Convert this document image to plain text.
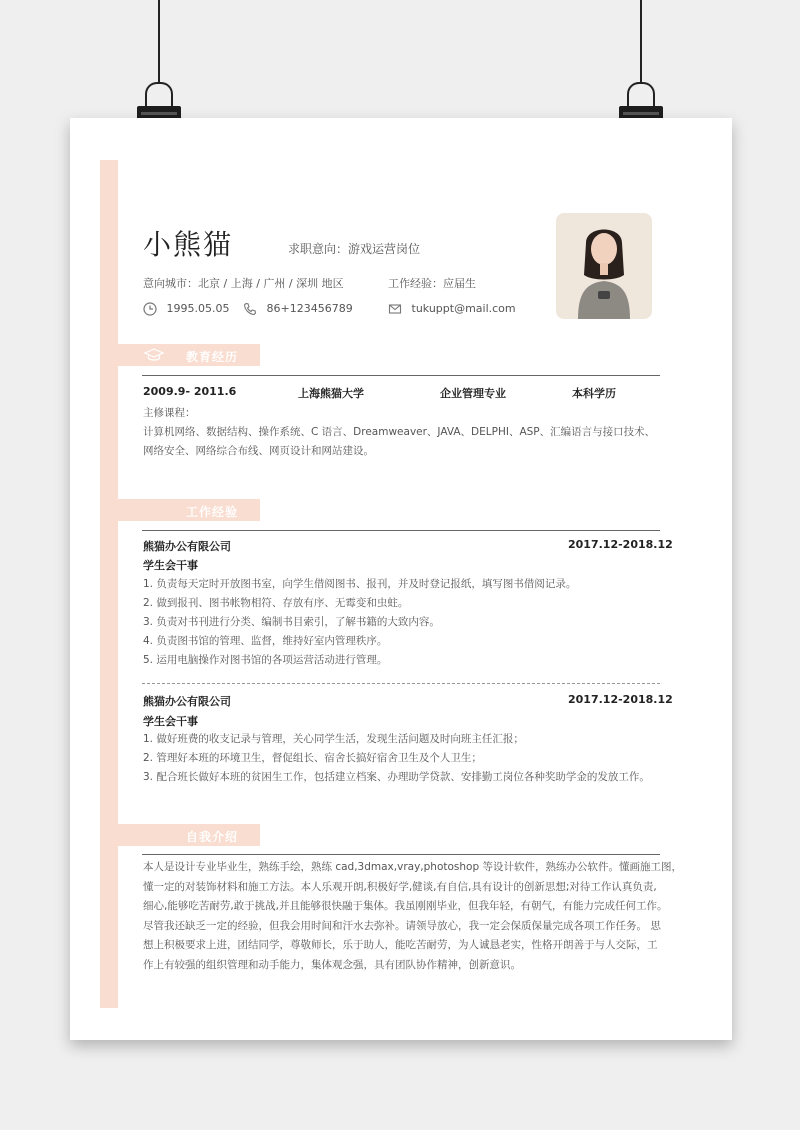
小熊猫	求职意向：游戏运营岗位
意向城市：北京 / 上海 / 广州 / 深圳 地区	工作经验：应届生
1995.05.05	86+123456789	tukuppt@mail.com
教育经历
2009.9- 2011.6	上海熊猫大学	企业管理专业	本科学历
主修课程：
计算机网络、数据结构、操作系统、C 语言、Dreamweaver、JAVA、DELPHI、ASP、汇编语言与接口技术、
网络安全、网络综合布线、网页设计和网站建设。
工作经验
熊猫办公有限公司	2017.12-2018.12
学生会干事
1. 负责每天定时开放图书室，向学生借阅图书、报刊，并及时登记报纸，填写图书借阅记录。
2. 做到报刊、图书帐物相符、存放有序、无霉变和虫蛀。
3. 负责对书刊进行分类、编制书目索引，了解书籍的大致内容。
4. 负责图书馆的管理、监督，维持好室内管理秩序。
5. 运用电脑操作对图书馆的各项运营活动进行管理。
熊猫办公有限公司	2017.12-2018.12
学生会干事
1. 做好班费的收支记录与管理，关心同学生活，发现生活问题及时向班主任汇报；
2. 管理好本班的环境卫生，督促组长、宿舍长搞好宿舍卫生及个人卫生；
3. 配合班长做好本班的贫困生工作，包括建立档案、办理助学贷款、安排勤工岗位各种奖助学金的发放工作。
自我介绍
本人是设计专业毕业生，熟练手绘，熟练 cad,3dmax,vray,photoshop 等设计软件，熟练办公软件。懂画施工图，
懂一定的对装饰材料和施工方法。本人乐观开朗,积极好学,健谈,有自信,具有设计的创新思想;对待工作认真负责,
细心,能够吃苦耐劳,敢于挑战,并且能够很快融于集体。我虽刚刚毕业，但我年轻，有朝气，有能力完成任何工作。
尽管我还缺乏一定的经验，但我会用时间和汗水去弥补。请领导放心，我一定会保质保量完成各项工作任务。 思
想上积极要求上进，团结同学，尊敬师长，乐于助人，能吃苦耐劳，为人诚恳老实，性格开朗善于与人交际，工
作上有较强的组织管理和动手能力，集体观念强，具有团队协作精神，创新意识。
